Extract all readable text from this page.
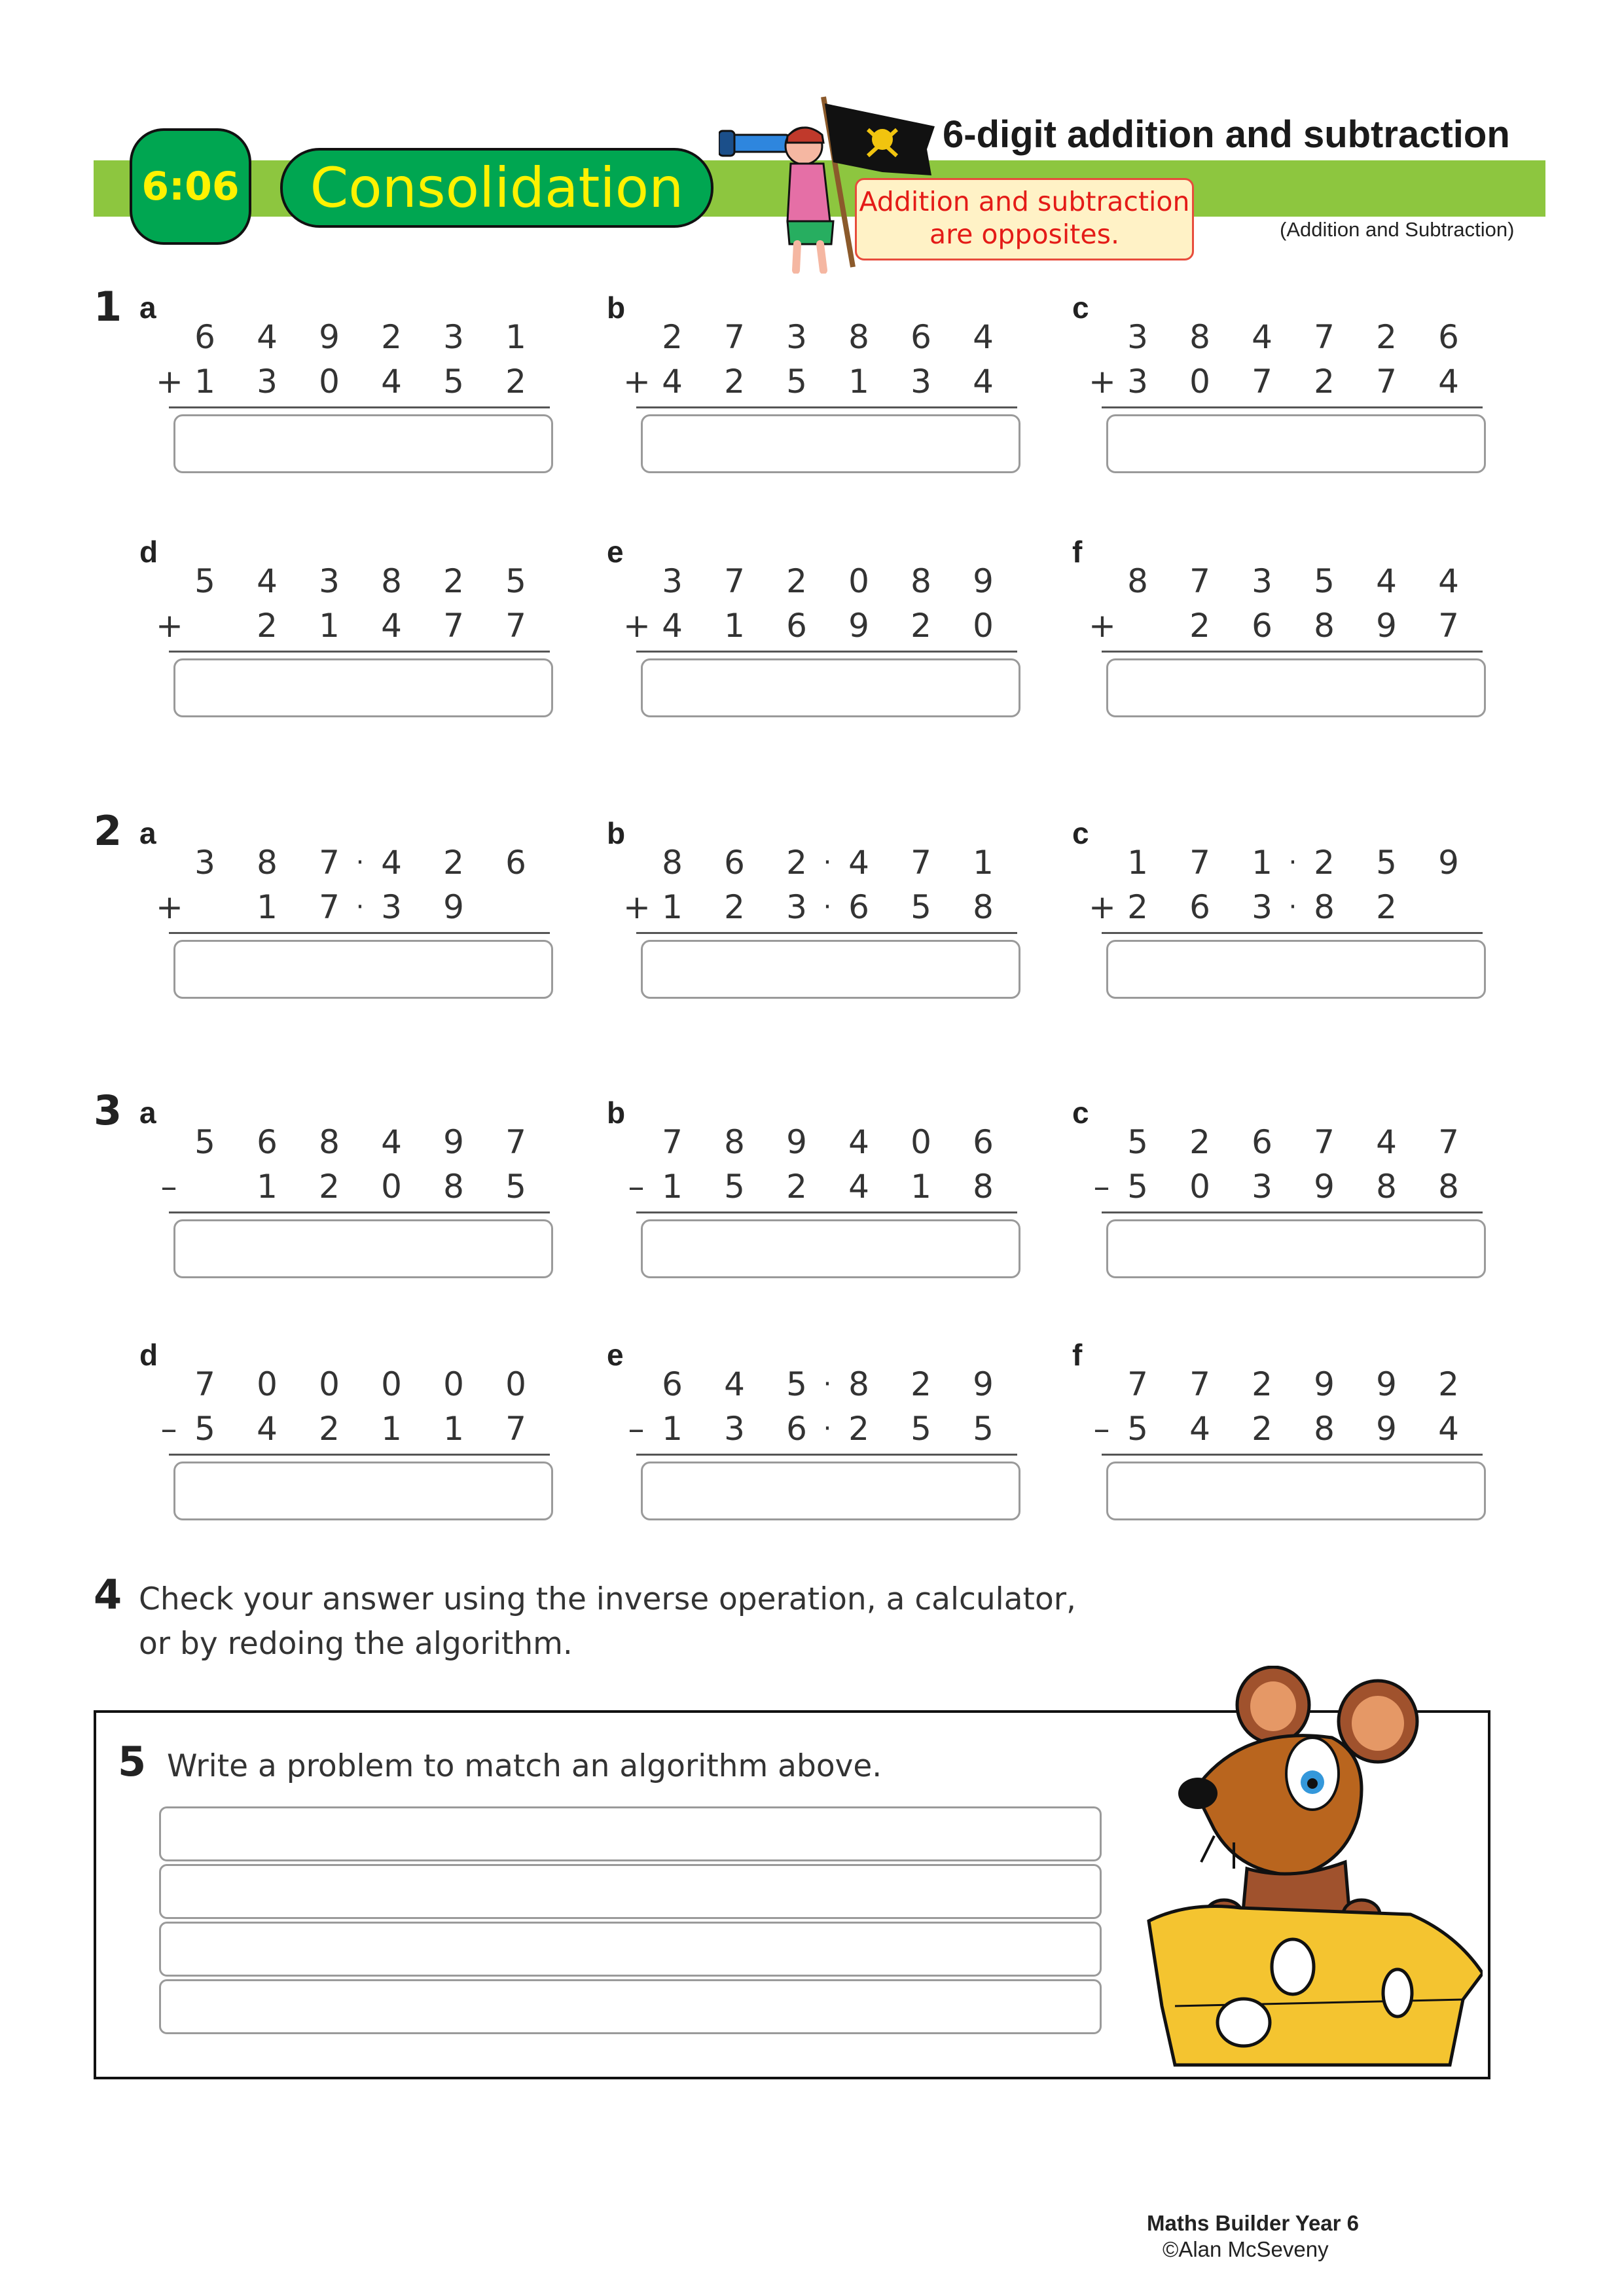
6:06	Consolidation
6-digit addition and subtraction
Addition and subtraction
are opposites.	(Addition and Subtraction)
1 a
6 4 9 2 3 1
1 3 0 4 5 2
+
b
2 7 3 8 6 4
4 2 5 1 3 4
+
c
3 8 4 7 2 6
3 0 7 2 7 4
+
d
5 4 3 8 2 5
2 1 4 7 7
+
e
3 7 2 0 8 9
4 1 6 9 2 0
+
f
8 7 3 5 4 4
2 6 8 9 7
+
2 a
3 8 7 4 2 6
·
1 7 3 9
·
+
b
8 6 2 4 7 1
·
1 2 3 6 5 8
·
+
c
1 7 1 2 5 9
·
2 6 3 8 2
·
+
3 a
5 6 8 4 9 7
1 2 0 8 5
–
b
7 8 9 4 0 6
1 5 2 4 1 8
–
c
5 2 6 7 4 7
5 0 3 9 8 8
–
d
7 0 0 0 0 0
5 4 2 1 1 7
–
e
6 4 5 8 2 9
·
1 3 6 2 5 5
·
–
f
7 7 2 9 9 2
5 4 2 8 9 4
–
4 Check your answer using the inverse operation, a calculator,
or by redoing the algorithm.
5 Write a problem to match an algorithm above.
Maths Builder Year 6
©Alan McSeveny
